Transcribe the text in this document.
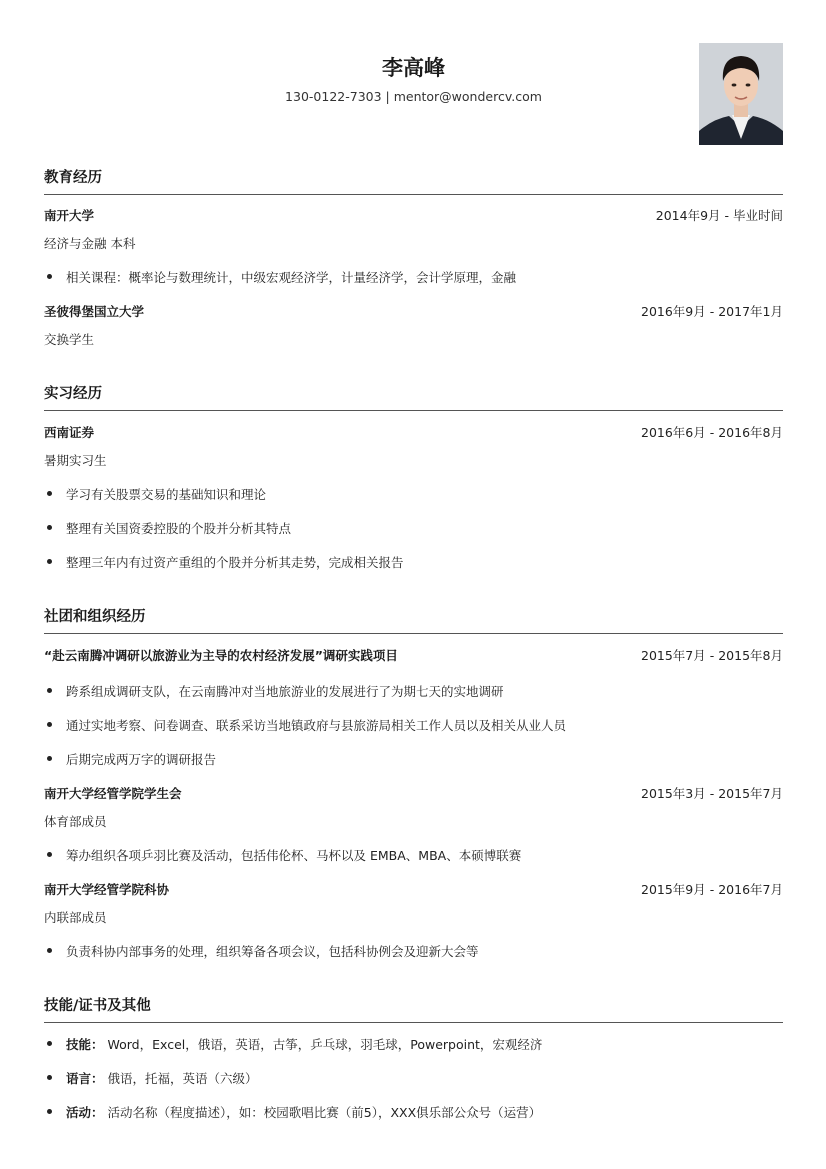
李高峰
130-0122-7303 | mentor@wondercv.com
教育经历
南开大学	2014年9月 - 毕业时间
经济与金融 本科
相关课程：概率论与数理统计，中级宏观经济学，计量经济学，会计学原理，金融
圣彼得堡国立大学	2016年9月 - 2017年1月
交换学生
实习经历
西南证券	2016年6月 - 2016年8月
暑期实习生
学习有关股票交易的基础知识和理论
整理有关国资委控股的个股并分析其特点
整理三年内有过资产重组的个股并分析其走势，完成相关报告
社团和组织经历
“赴云南腾冲调研以旅游业为主导的农村经济发展”调研实践项目	2015年7月 - 2015年8月
跨系组成调研支队，在云南腾冲对当地旅游业的发展进行了为期七天的实地调研
通过实地考察、问卷调查、联系采访当地镇政府与县旅游局相关工作人员以及相关从业人员
后期完成两万字的调研报告
南开大学经管学院学生会	2015年3月 - 2015年7月
体育部成员
筹办组织各项乒羽比赛及活动，包括伟伦杯、马杯以及 EMBA、MBA、本硕博联赛
南开大学经管学院科协	2015年9月 - 2016年7月
内联部成员
负责科协内部事务的处理，组织筹备各项会议，包括科协例会及迎新大会等
技能/证书及其他
技能： Word，Excel，俄语，英语，古筝，乒乓球，羽毛球，Powerpoint，宏观经济
语言： 俄语，托福，英语（六级）
活动： 活动名称（程度描述），如：校园歌唱比赛（前5），XXX俱乐部公众号（运营）
